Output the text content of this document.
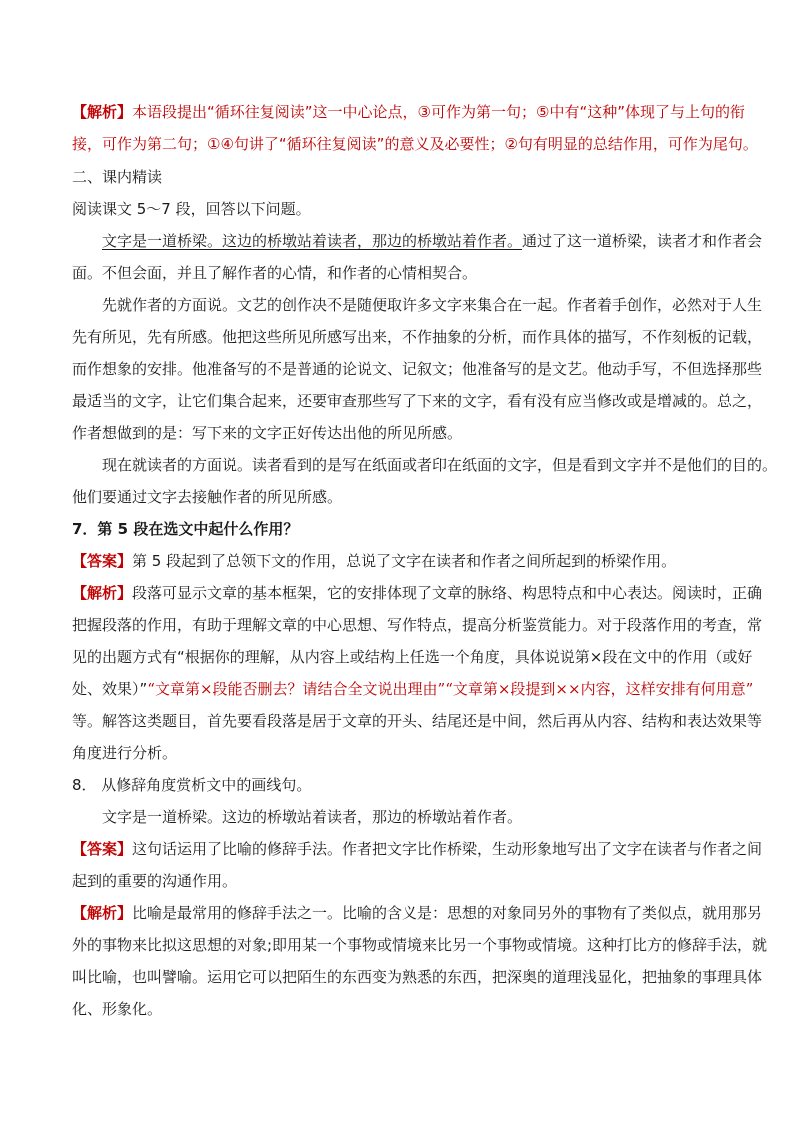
【解析】本语段提出“循环往复阅读”这一中心论点，③可作为第一句；⑤中有“这种”体现了与上句的衔
接，可作为第二句；①④句讲了“循环往复阅读”的意义及必要性；②句有明显的总结作用，可作为尾句。
二、课内精读
阅读课文 5～7 段，回答以下问题。
文字是一道桥梁。这边的桥墩站着读者，那边的桥墩站着作者。通过了这一道桥梁，读者才和作者会
面。不但会面，并且了解作者的心情，和作者的心情相契合。
先就作者的方面说。文艺的创作决不是随便取许多文字来集合在一起。作者着手创作，必然对于人生
先有所见，先有所感。他把这些所见所感写出来，不作抽象的分析，而作具体的描写，不作刻板的记载，
而作想象的安排。他准备写的不是普通的论说文、记叙文；他准备写的是文艺。他动手写，不但选择那些
最适当的文字，让它们集合起来，还要审查那些写了下来的文字，看有没有应当修改或是增减的。总之，
作者想做到的是：写下来的文字正好传达出他的所见所感。
现在就读者的方面说。读者看到的是写在纸面或者印在纸面的文字，但是看到文字并不是他们的目的。
他们要通过文字去接触作者的所见所感。
7．第 5 段在选文中起什么作用？
【答案】第 5 段起到了总领下文的作用，总说了文字在读者和作者之间所起到的桥梁作用。
【解析】段落可显示文章的基本框架，它的安排体现了文章的脉络、构思特点和中心表达。阅读时，正确
把握段落的作用，有助于理解文章的中心思想、写作特点，提高分析鉴赏能力。对于段落作用的考查，常
见的出题方式有“根据你的理解，从内容上或结构上任选一个角度，具体说说第×段在文中的作用（或好
处、效果）”“文章第×段能否删去？请结合全文说出理由”“文章第×段提到××内容，这样安排有何用意”
等。解答这类题目，首先要看段落是居于文章的开头、结尾还是中间，然后再从内容、结构和表达效果等
角度进行分析。
8． 从修辞角度赏析文中的画线句。
文字是一道桥梁。这边的桥墩站着读者，那边的桥墩站着作者。
【答案】这句话运用了比喻的修辞手法。作者把文字比作桥梁，生动形象地写出了文字在读者与作者之间
起到的重要的沟通作用。
【解析】比喻是最常用的修辞手法之一。比喻的含义是：思想的对象同另外的事物有了类似点，就用那另
外的事物来比拟这思想的对象;即用某一个事物或情境来比另一个事物或情境。这种打比方的修辞手法，就
叫比喻，也叫譬喻。运用它可以把陌生的东西变为熟悉的东西，把深奥的道理浅显化，把抽象的事理具体
化、形象化。
